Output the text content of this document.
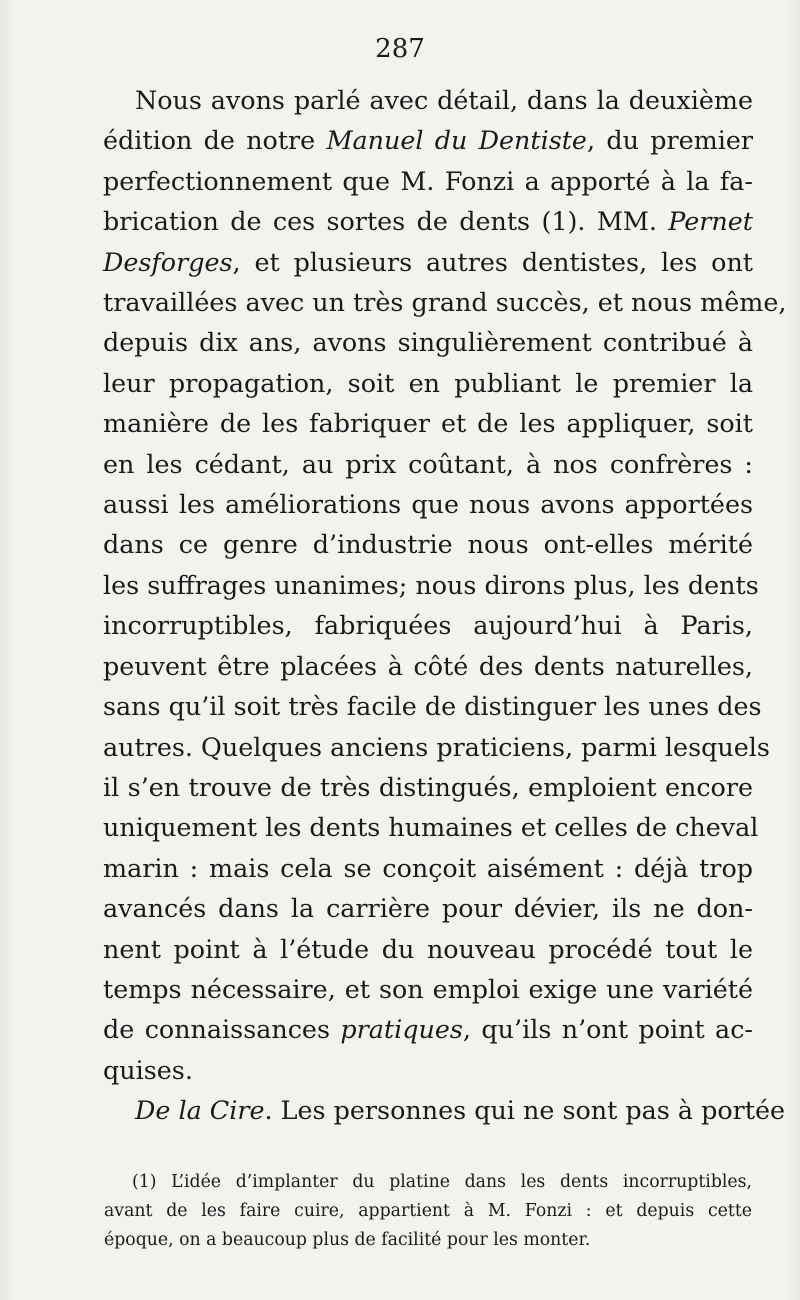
287
Nous avons parlé avec détail, dans la deuxième
édition de notre Manuel du Dentiste, du premier
perfectionnement que M. Fonzi a apporté à la fa-
brication de ces sortes de dents (1). MM. Pernet
Desforges, et plusieurs autres dentistes, les ont
travaillées avec un très grand succès, et nous même,
depuis dix ans, avons singulièrement contribué à
leur propagation, soit en publiant le premier la
manière de les fabriquer et de les appliquer, soit
en les cédant, au prix coûtant, à nos confrères :
aussi les améliorations que nous avons apportées
dans ce genre d’industrie nous ont-elles mérité
les suffrages unanimes; nous dirons plus, les dents
incorruptibles, fabriquées aujourd’hui à Paris,
peuvent être placées à côté des dents naturelles,
sans qu’il soit très facile de distinguer les unes des
autres. Quelques anciens praticiens, parmi lesquels
il s’en trouve de très distingués, emploient encore
uniquement les dents humaines et celles de cheval
marin : mais cela se conçoit aisément : déjà trop
avancés dans la carrière pour dévier, ils ne don-
nent point à l’étude du nouveau procédé tout le
temps nécessaire, et son emploi exige une variété
de connaissances pratiques, qu’ils n’ont point ac-
quises.
De la Cire. Les personnes qui ne sont pas à portée
(1) L’idée d’implanter du platine dans les dents incorruptibles,
avant de les faire cuire, appartient à M. Fonzi : et depuis cette
époque, on a beaucoup plus de facilité pour les monter.
